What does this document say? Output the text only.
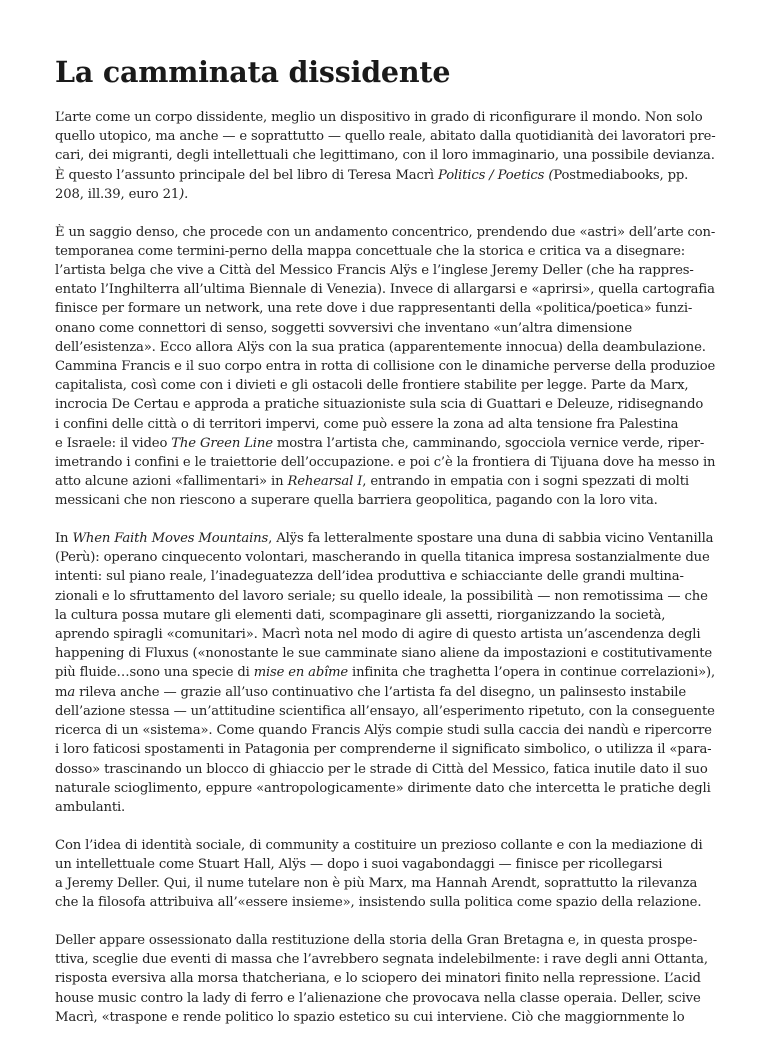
La camminata dissidente

L’arte come un corpo dissidente, meglio un dispositivo in grado di riconfigurare il mondo. Non solo
quello utopico, ma anche — e soprattutto — quello reale, abitato dalla quotidianità dei lavoratori pre-
cari, dei migranti, degli intellettuali che legittimano, con il loro immaginario, una possibile devianza.
È questo l’assunto principale del bel libro di Teresa Macrì Politics / Poetics (Postmediabooks, pp.
208, ill.39, euro 21).

È un saggio denso, che procede con un andamento concentrico, prendendo due «astri» dell’arte con-
temporanea come termini-perno della mappa concettuale che la storica e critica va a disegnare:
l’artista belga che vive a Città del Messico Francis Alÿs e l’inglese Jeremy Deller (che ha rappres-
entato l’Inghilterra all’ultima Biennale di Venezia). Invece di allargarsi e «aprirsi», quella cartografia
finisce per formare un network, una rete dove i due rappresentanti della «politica/poetica» funzi-
onano come connettori di senso, soggetti sovversivi che inventano «un’altra dimensione
dell’esistenza». Ecco allora Alÿs con la sua pratica (apparentemente innocua) della deambulazione.
Cammina Francis e il suo corpo entra in rotta di collisione con le dinamiche perverse della produzioe
capitalista, così come con i divieti e gli ostacoli delle frontiere stabilite per legge. Parte da Marx,
incrocia De Certau e approda a pratiche situazioniste sula scia di Guattari e Deleuze, ridisegnando
i confini delle città o di territori impervi, come può essere la zona ad alta tensione fra Palestina
e Israele: il video The Green Line mostra l’artista che, camminando, sgocciola vernice verde, riper-
imetrando i confini e le traiettorie dell’occupazione. e poi c’è la frontiera di Tijuana dove ha messo in
atto alcune azioni «fallimentari» in Rehearsal I, entrando in empatia con i sogni spezzati di molti
messicani che non riescono a superare quella barriera geopolitica, pagando con la loro vita.

In When Faith Moves Mountains, Alÿs fa letteralmente spostare una duna di sabbia vicino Ventanilla
(Perù): operano cinquecento volontari, mascherando in quella titanica impresa sostanzialmente due
intenti: sul piano reale, l’inadeguatezza dell’idea produttiva e schiacciante delle grandi multina-
zionali e lo sfruttamento del lavoro seriale; su quello ideale, la possibilità — non remotissima — che
la cultura possa mutare gli elementi dati, scompaginare gli assetti, riorganizzando la società,
aprendo spiragli «comunitari». Macrì nota nel modo di agire di questo artista un’ascendenza degli
happening di Fluxus («nonostante le sue camminate siano aliene da impostazioni e costitutivamente
più fluide…sono una specie di mise en abîme infinita che traghetta l’opera in continue correlazioni»),
ma rileva anche — grazie all’uso continuativo che l’artista fa del disegno, un palinsesto instabile
dell’azione stessa — un’attitudine scientifica all’ensayo, all’esperimento ripetuto, con la conseguente
ricerca di un «sistema». Come quando Francis Alÿs compie studi sulla caccia dei nandù e ripercorre
i loro faticosi spostamenti in Patagonia per comprenderne il significato simbolico, o utilizza il «para-
dosso» trascinando un blocco di ghiaccio per le strade di Città del Messico, fatica inutile dato il suo
naturale scioglimento, eppure «antropologicamente» dirimente dato che intercetta le pratiche degli
ambulanti.

Con l’idea di identità sociale, di community a costituire un prezioso collante e con la mediazione di
un intellettuale come Stuart Hall, Alÿs — dopo i suoi vagabondaggi — finisce per ricollegarsi
a Jeremy Deller. Qui, il nume tutelare non è più Marx, ma Hannah Arendt, soprattutto la rilevanza
che la filosofa attribuiva all’«essere insieme», insistendo sulla politica come spazio della relazione.

Deller appare ossessionato dalla restituzione della storia della Gran Bretagna e, in questa prospe-
ttiva, sceglie due eventi di massa che l’avrebbero segnata indelebilmente: i rave degli anni Ottanta,
risposta eversiva alla morsa thatcheriana, e lo sciopero dei minatori finito nella repressione. L’acid
house music contro la lady di ferro e l’alienazione che provocava nella classe operaia. Deller, scive
Macrì, «traspone e rende politico lo spazio estetico su cui interviene. Ciò che maggiornmente lo
